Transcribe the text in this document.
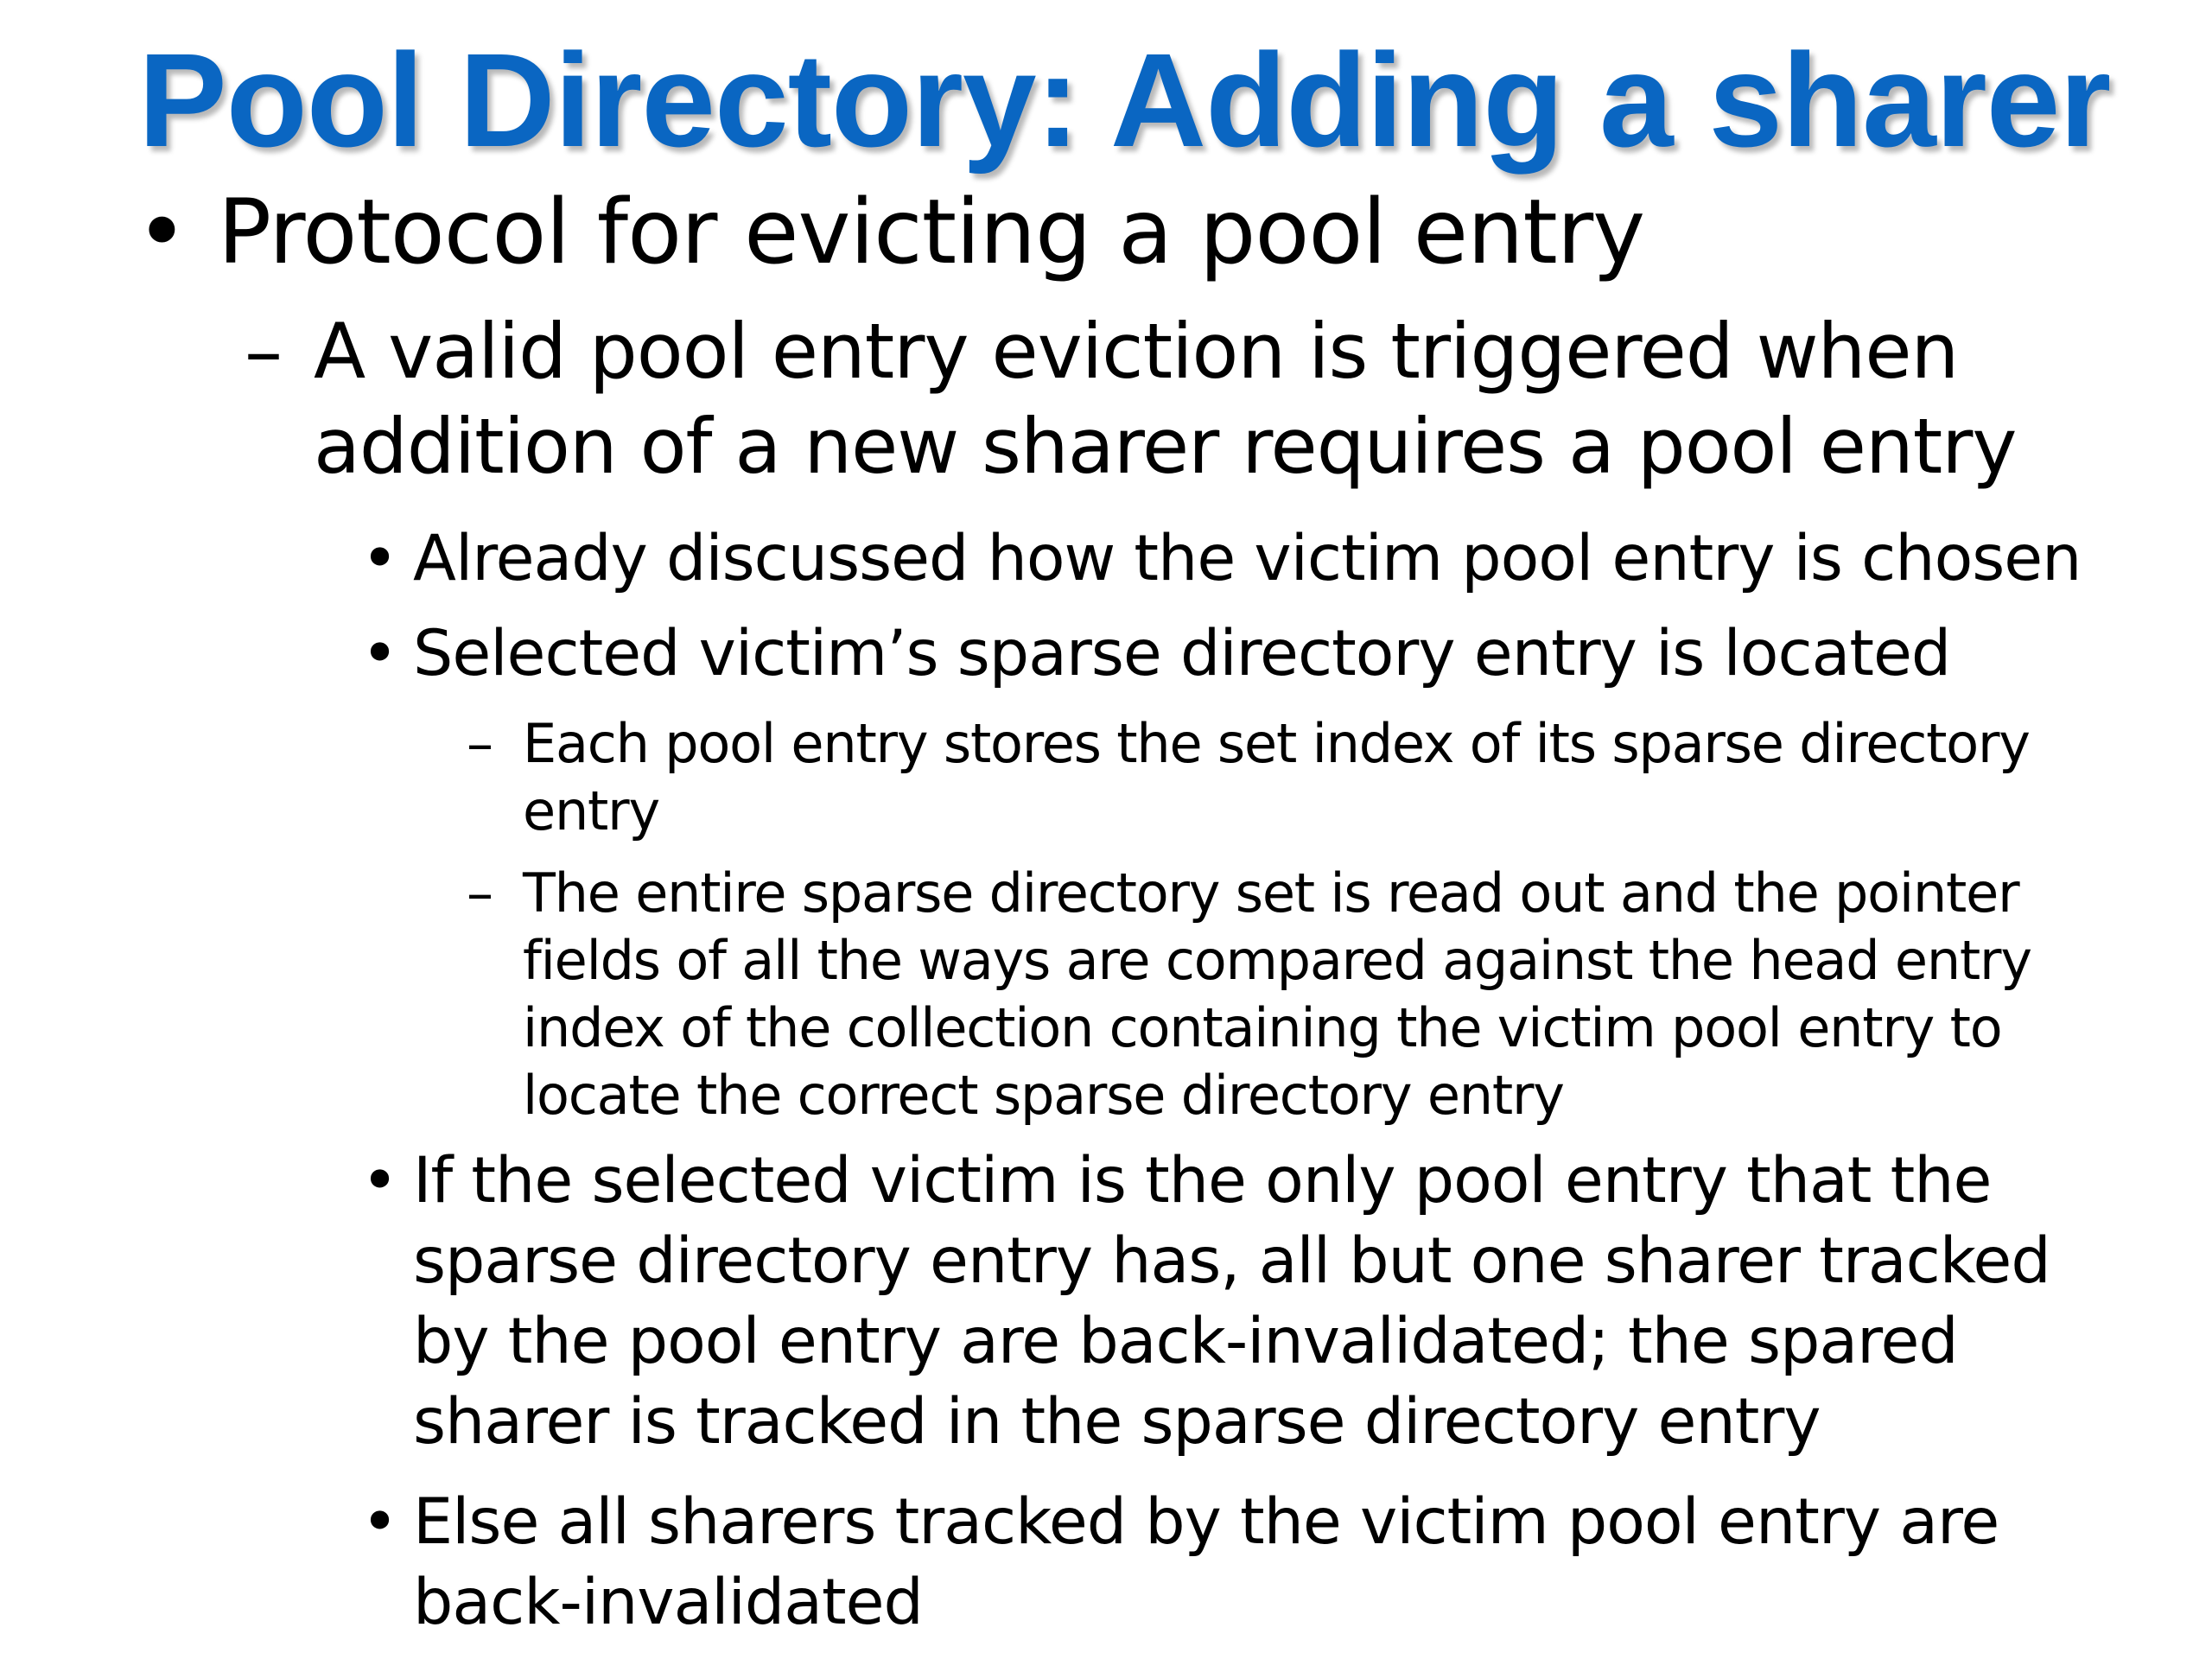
Pool Directory: Adding a sharer
• Protocol for evicting a pool entry
– A valid pool entry eviction is triggered when
addition of a new sharer requires a pool entry
• Already discussed how the victim pool entry is chosen
• Selected victim’s sparse directory entry is located
– Each pool entry stores the set index of its sparse directory
entry
– The entire sparse directory set is read out and the pointer
fields of all the ways are compared against the head entry
index of the collection containing the victim pool entry to
locate the correct sparse directory entry
• If the selected victim is the only pool entry that the
sparse directory entry has, all but one sharer tracked
by the pool entry are back-invalidated; the spared
sharer is tracked in the sparse directory entry
• Else all sharers tracked by the victim pool entry are
back-invalidated
